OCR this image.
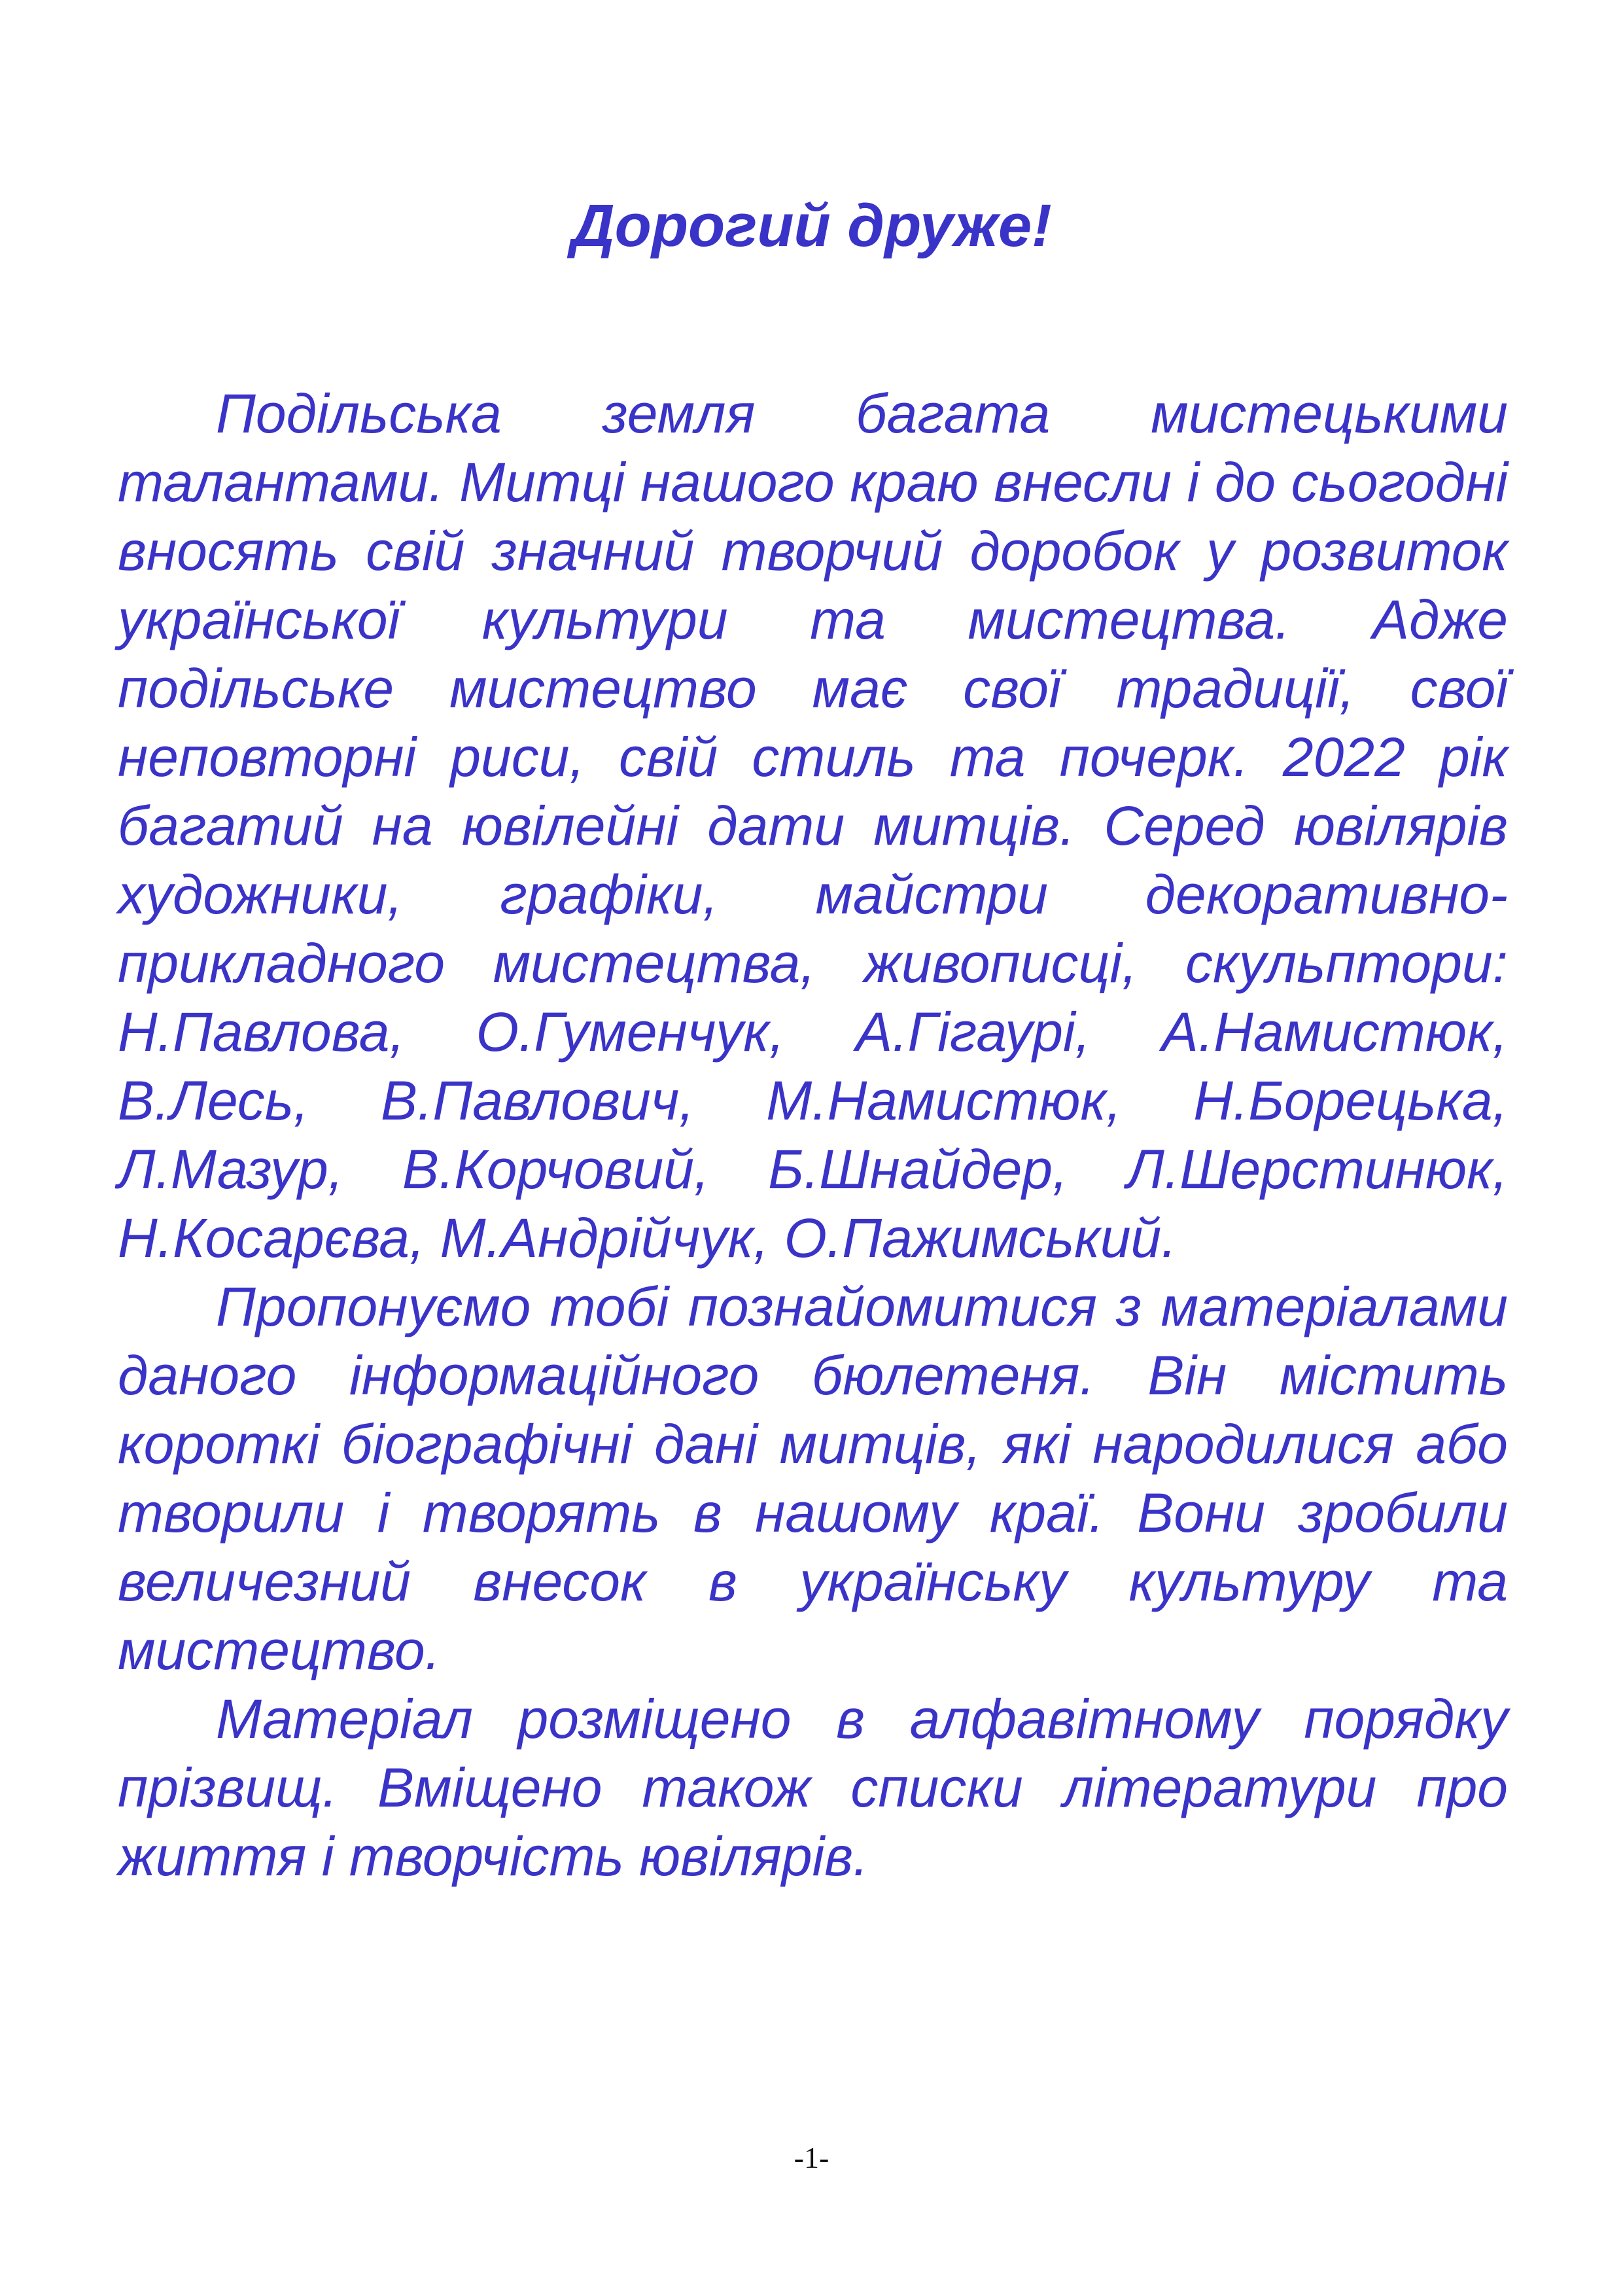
Дорогий друже!

Подільська земля багата мистецькими талантами. Митці нашого краю внесли і до сьогодні вносять свій значний творчий доробок у розвиток української культури та мистецтва. Адже подільське мистецтво має свої традиції, свої неповторні риси, свій стиль та почерк. 2022 рік багатий на ювілейні дати митців. Серед ювілярів художники, графіки, майстри декоративно-прикладного мистецтва, живописці, скульптори: Н.Павлова, О.Гуменчук, А.Гігаурі, А.Намистюк, В.Лесь, В.Павлович, М.Намистюк, Н.Борецька, Л.Мазур, В.Корчовий, Б.Шнайдер, Л.Шерстинюк, Н.Косарєва, М.Андрійчук, О.Пажимський.

Пропонуємо тобі познайомитися з матеріалами даного інформаційного бюлетеня. Він містить короткі біографічні дані митців, які народилися або творили і творять в нашому краї. Вони зробили величезний внесок в українську культуру та мистецтво.

Матеріал розміщено в алфавітному порядку прізвищ. Вміщено також списки літератури про життя і творчість ювілярів.

-1-
